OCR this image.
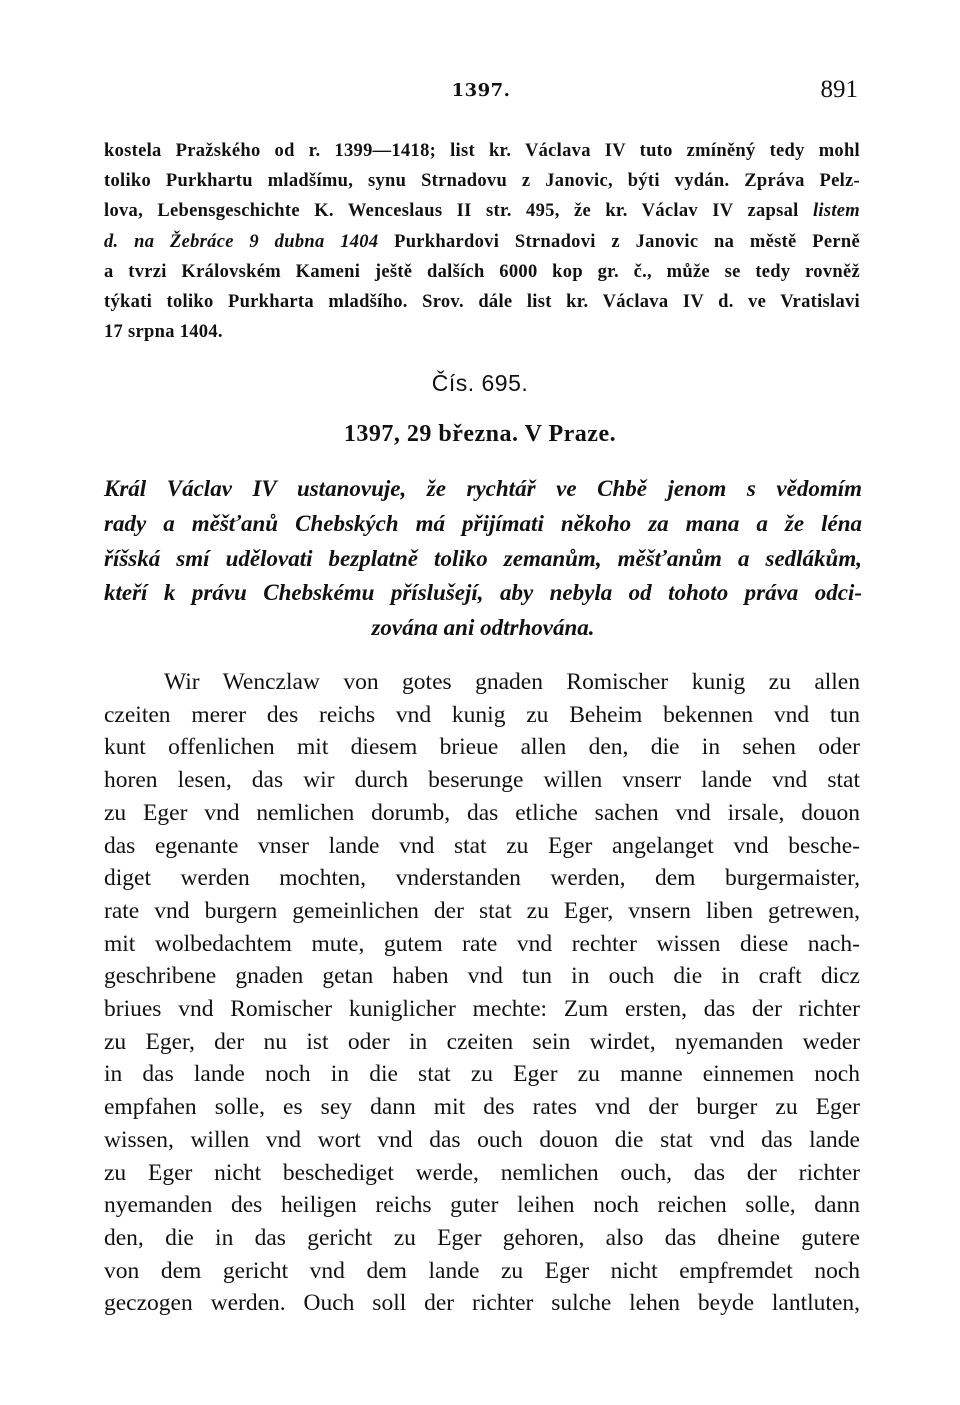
1397.	891
kostela Pražského od r. 1399—1418; list kr. Václava IV tuto zmíněný tedy mohl
toliko Purkhartu mladšímu, synu Strnadovu z Janovic, býti vydán. Zpráva Pelz-
lova, Lebensgeschichte K. Wenceslaus II str. 495, že kr. Václav IV zapsal listem
d. na Žebráce 9 dubna 1404 Purkhardovi Strnadovi z Janovic na městě Perně
a tvrzi Královském Kameni ještě dalších 6000 kop gr. č., může se tedy rovněž
týkati toliko Purkharta mladšího. Srov. dále list kr. Václava IV d. ve Vratislavi
17 srpna 1404.
Čís. 695.
1397, 29 března. V Praze.
Král Václav IV ustanovuje, že rychtář ve Chbě jenom s vědomím
rady a měšťanů Chebských má přijímati někoho za mana a že léna
říšská smí udělovati bezplatně toliko zemanům, měšťanům a sedlákům,
kteří k právu Chebskému příslušejí, aby nebyla od tohoto práva odci-
zována ani odtrhována.
Wir Wenczlaw von gotes gnaden Romischer kunig zu allen
czeiten merer des reichs vnd kunig zu Beheim bekennen vnd tun
kunt offenlichen mit diesem brieue allen den, die in sehen oder
horen lesen, das wir durch beserunge willen vnserr lande vnd stat
zu Eger vnd nemlichen dorumb, das etliche sachen vnd irsale, douon
das egenante vnser lande vnd stat zu Eger angelanget vnd besche-
diget werden mochten, vnderstanden werden, dem burgermaister,
rate vnd burgern gemeinlichen der stat zu Eger, vnsern liben getrewen,
mit wolbedachtem mute, gutem rate vnd rechter wissen diese nach-
geschribene gnaden getan haben vnd tun in ouch die in craft dicz
briues vnd Romischer kuniglicher mechte: Zum ersten, das der richter
zu Eger, der nu ist oder in czeiten sein wirdet, nyemanden weder
in das lande noch in die stat zu Eger zu manne einnemen noch
empfahen solle, es sey dann mit des rates vnd der burger zu Eger
wissen, willen vnd wort vnd das ouch douon die stat vnd das lande
zu Eger nicht beschediget werde, nemlichen ouch, das der richter
nyemanden des heiligen reichs guter leihen noch reichen solle, dann
den, die in das gericht zu Eger gehoren, also das dheine gutere
von dem gericht vnd dem lande zu Eger nicht empfremdet noch
geczogen werden. Ouch soll der richter sulche lehen beyde lantluten,
